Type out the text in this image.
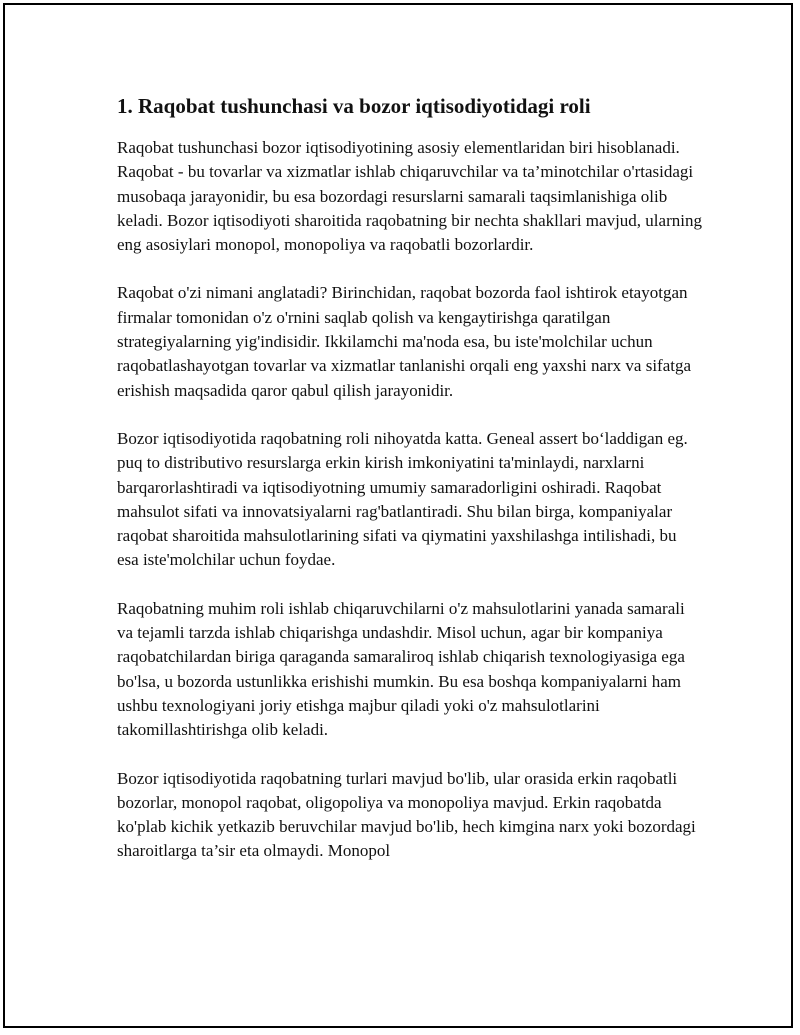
1. Raqobat tushunchasi va bozor iqtisodiyotidagi roli

Raqobat tushunchasi bozor iqtisodiyotining asosiy elementlaridan biri hisoblanadi. Raqobat - bu tovarlar va xizmatlar ishlab chiqaruvchilar va ta’minotchilar o'rtasidagi musobaqa jarayonidir, bu esa bozordagi resurslarni samarali taqsimlanishiga olib keladi. Bozor iqtisodiyoti sharoitida raqobatning bir nechta shakllari mavjud, ularning eng asosiylari monopol, monopoliya va raqobatli bozorlardir.

Raqobat o'zi nimani anglatadi? Birinchidan, raqobat bozorda faol ishtirok etayotgan firmalar tomonidan o'z o'rnini saqlab qolish va kengaytirishga qaratilgan strategiyalarning yig'indisidir. Ikkilamchi ma'noda esa, bu iste'molchilar uchun raqobatlashayotgan tovarlar va xizmatlar tanlanishi orqali eng yaxshi narx va sifatga erishish maqsadida qaror qabul qilish jarayonidir.

Bozor iqtisodiyotida raqobatning roli nihoyatda katta. Geneal assert bo‘laddigan eg. puq to distributivo resurslarga erkin kirish imkoniyatini ta'minlaydi, narxlarni barqarorlashtiradi va iqtisodiyotning umumiy samaradorligini oshiradi. Raqobat mahsulot sifati va innovatsiyalarni rag'batlantiradi. Shu bilan birga, kompaniyalar raqobat sharoitida mahsulotlarining sifati va qiymatini yaxshilashga intilishadi, bu esa iste'molchilar uchun foydae.

Raqobatning muhim roli ishlab chiqaruvchilarni o'z mahsulotlarini yanada samarali va tejamli tarzda ishlab chiqarishga undashdir. Misol uchun, agar bir kompaniya raqobatchilardan biriga qaraganda samaraliroq ishlab chiqarish texnologiyasiga ega bo'lsa, u bozorda ustunlikka erishishi mumkin. Bu esa boshqa kompaniyalarni ham ushbu texnologiyani joriy etishga majbur qiladi yoki o'z mahsulotlarini takomillashtirishga olib keladi.

Bozor iqtisodiyotida raqobatning turlari mavjud bo'lib, ular orasida erkin raqobatli bozorlar, monopol raqobat, oligopoliya va monopoliya mavjud. Erkin raqobatda ko'plab kichik yetkazib beruvchilar mavjud bo'lib, hech kimgina narx yoki bozordagi sharoitlarga ta’sir eta olmaydi. Monopol
